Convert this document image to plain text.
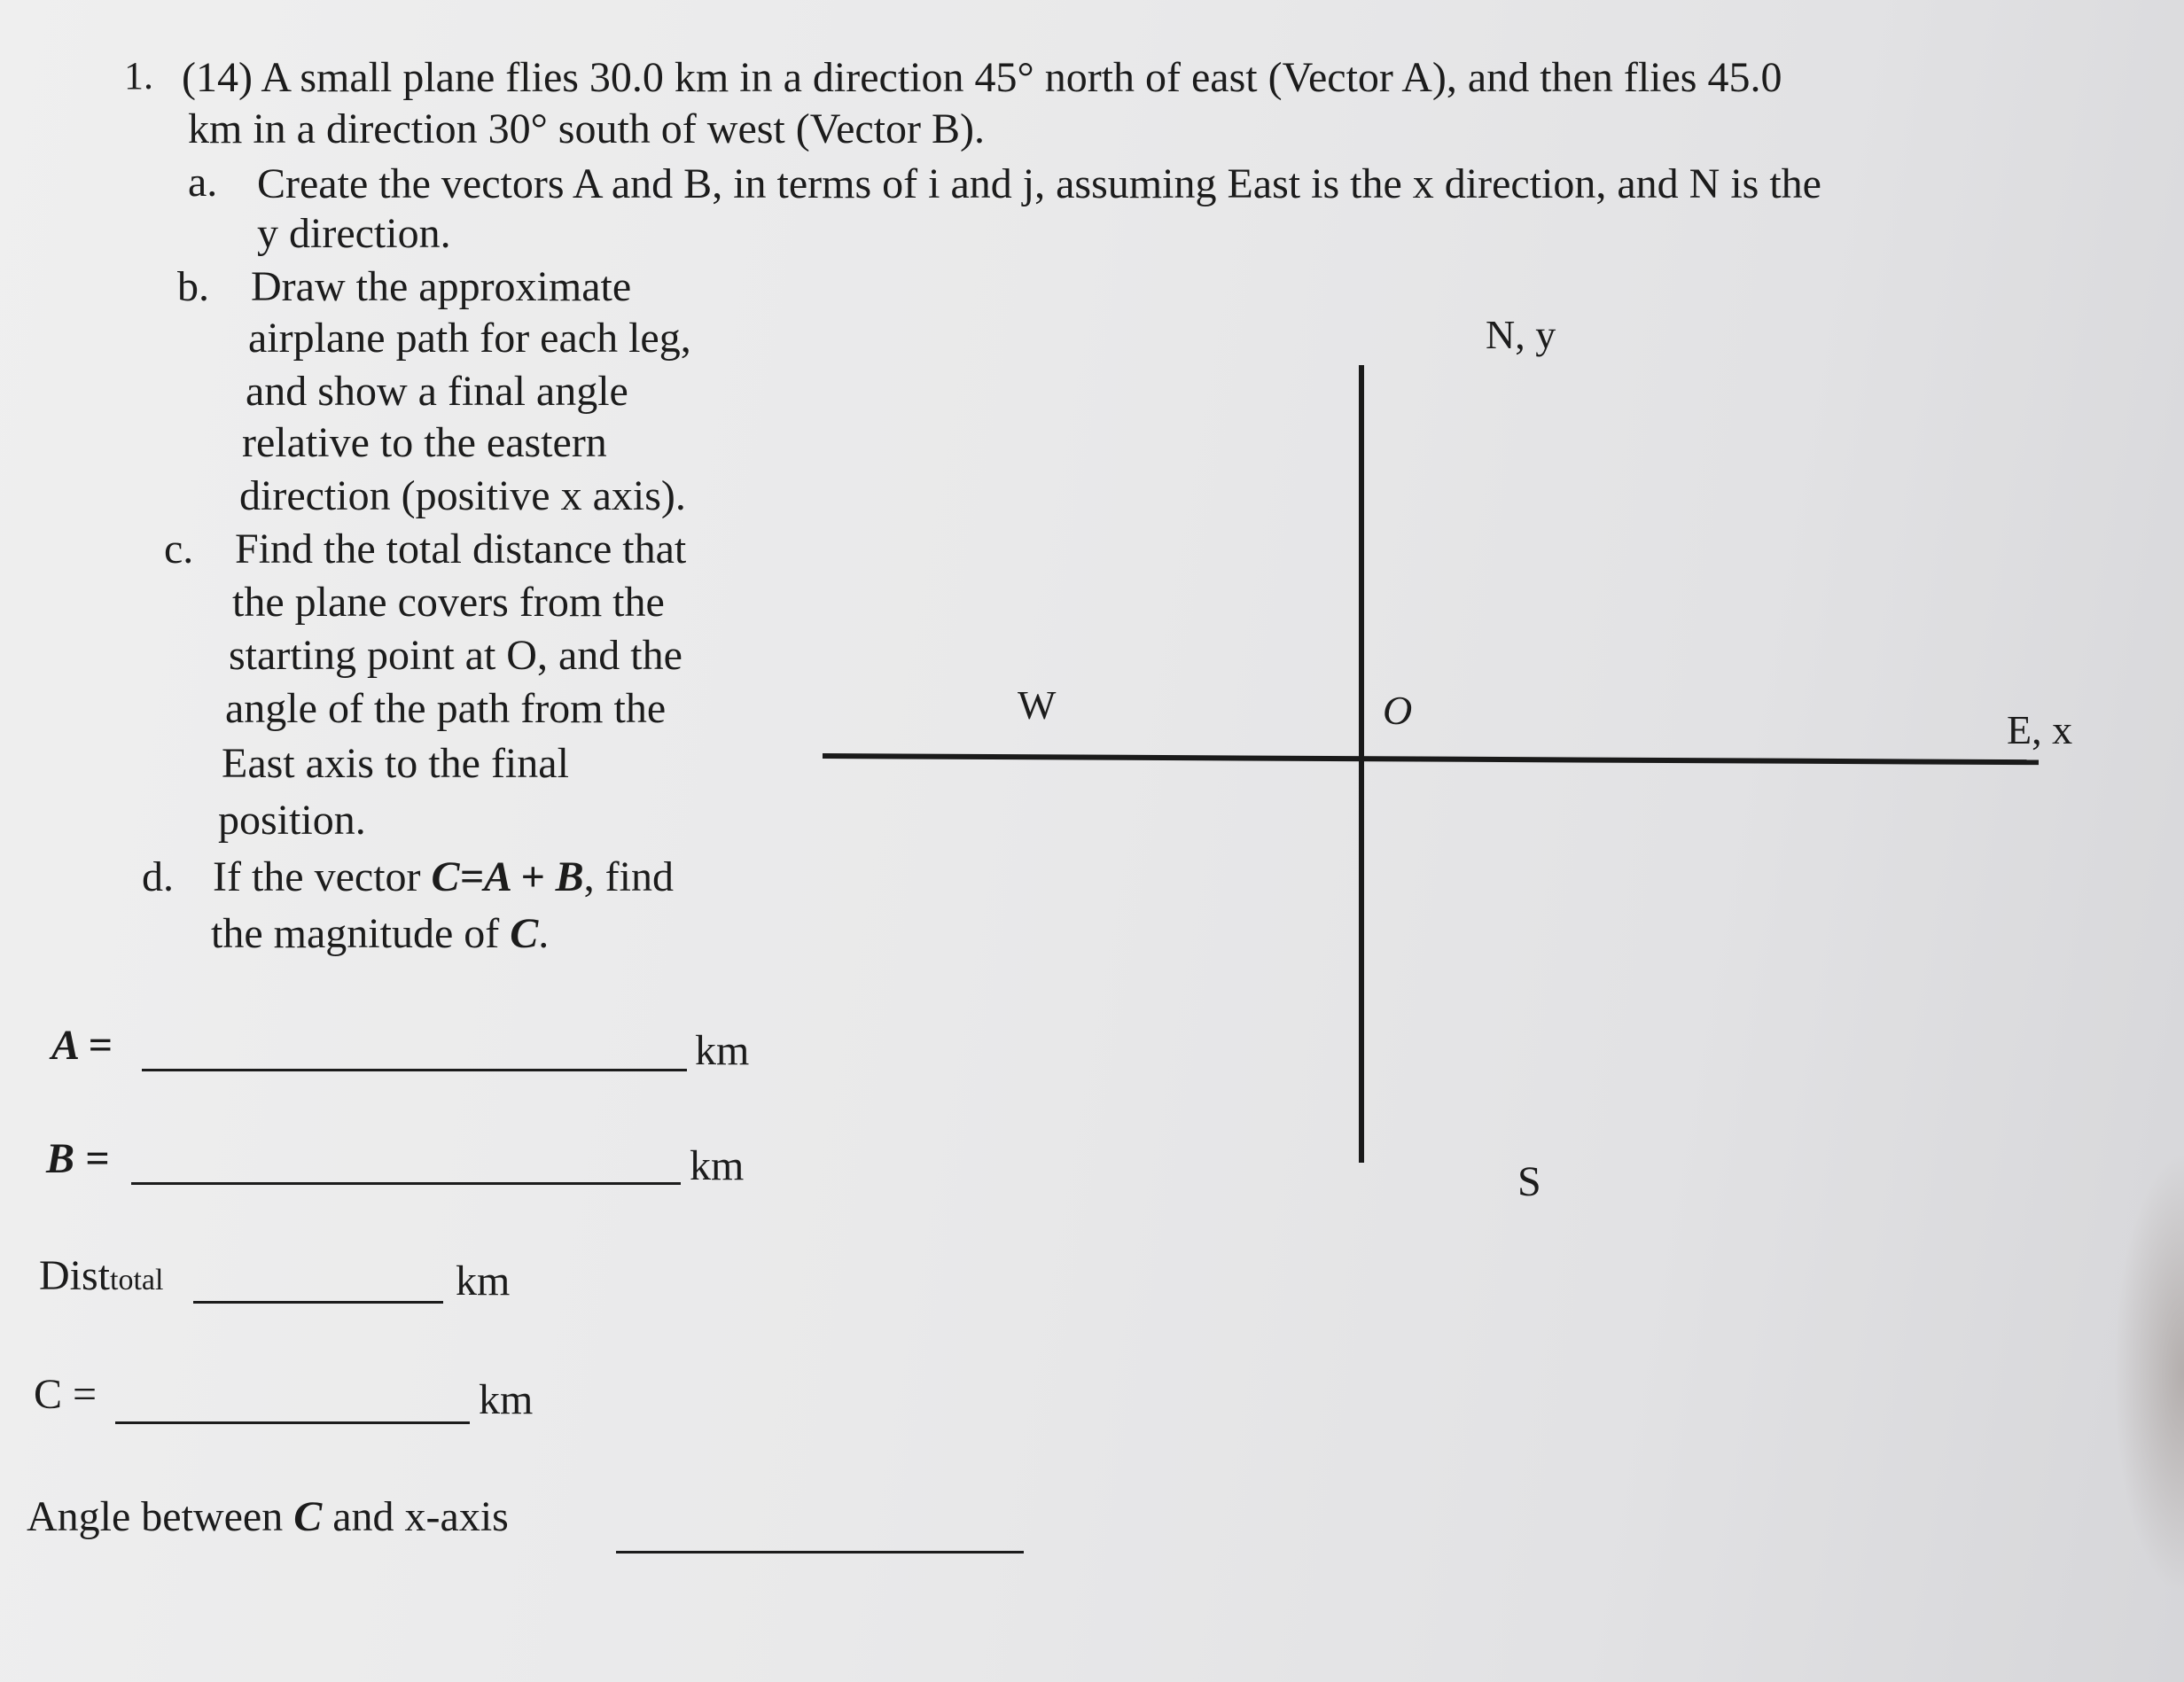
1. (14) A small plane flies 30.0 km in a direction 45° north of east (Vector A), and then flies 45.0
km in a direction 30° south of west (Vector B).
a. Create the vectors A and B, in terms of i and j, assuming East is the x direction, and N is the
y direction.
b. Draw the approximate
airplane path for each leg,
and show a final angle
relative to the eastern
direction (positive x axis).
c. Find the total distance that
the plane covers from the
starting point at O, and the
angle of the path from the
East axis to the final
position.
d. If the vector C=A + B, find
the magnitude of C.
A =	km
B =	km
Disttotal	km
C =	km
Angle between C and x-axis
N, y
W	O	E, x
S
